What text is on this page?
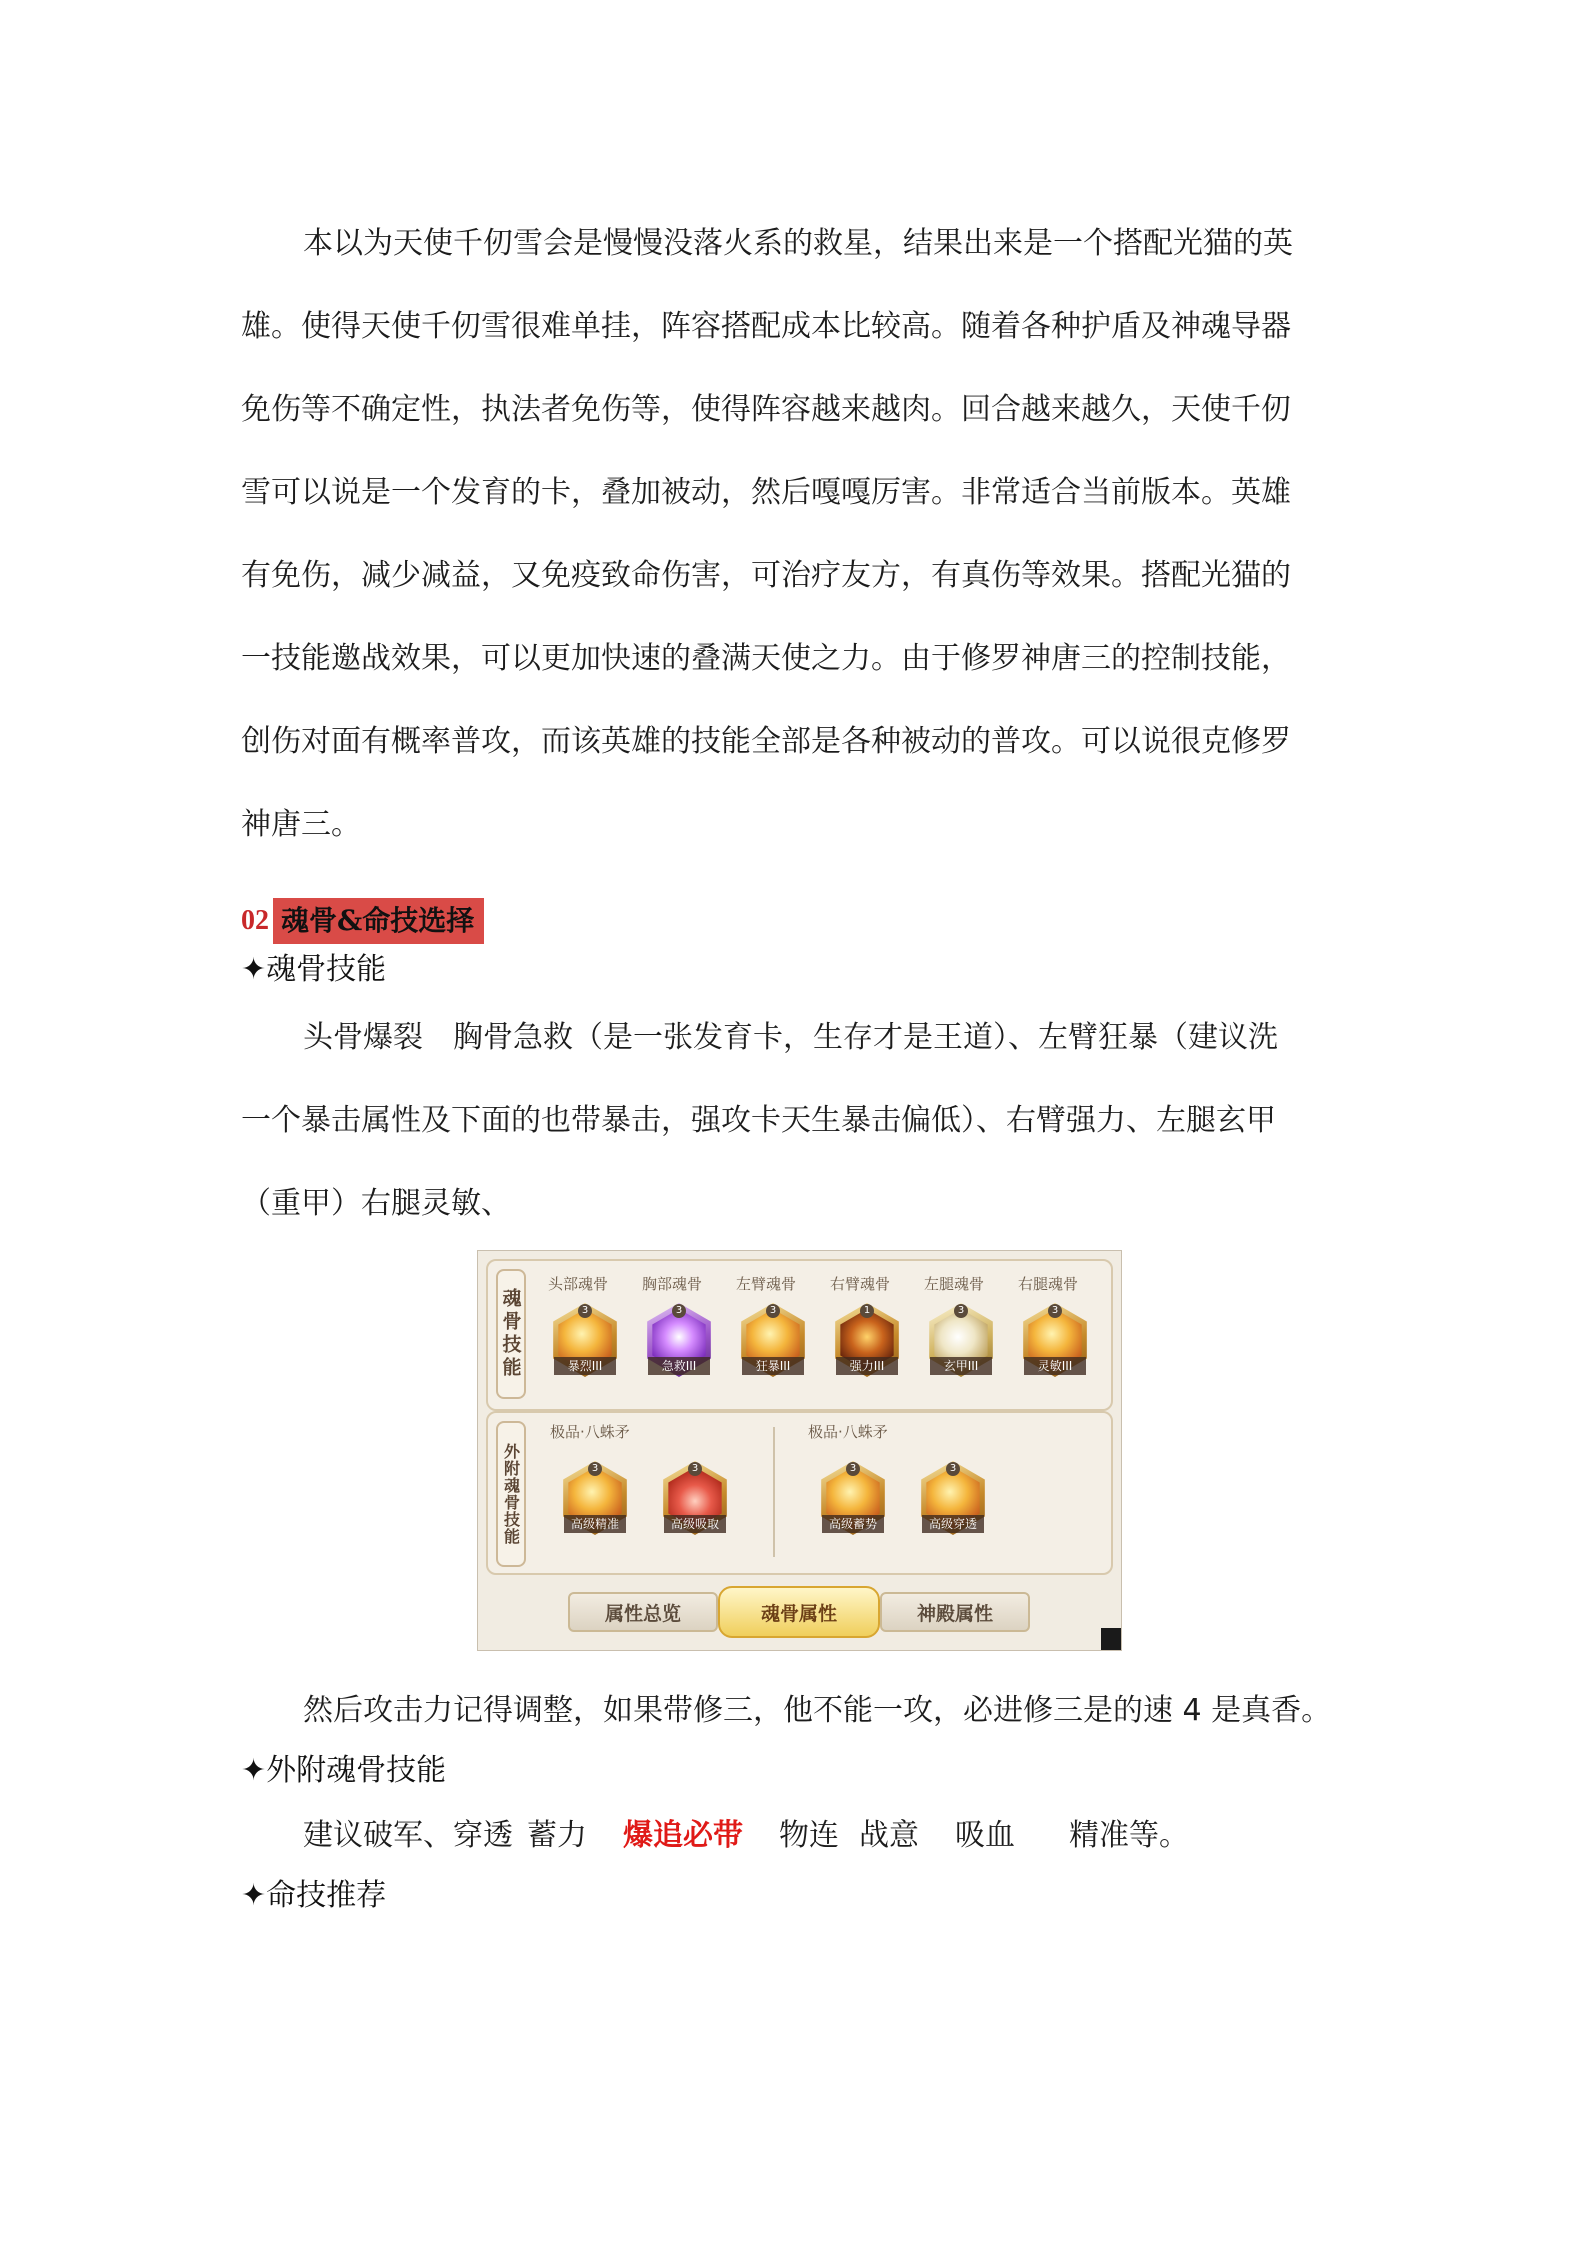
本以为天使千仞雪会是慢慢没落火系的救星，结果出来是一个搭配光猫的英
雄。使得天使千仞雪很难单挂，阵容搭配成本比较高。随着各种护盾及神魂导器
免伤等不确定性，执法者免伤等，使得阵容越来越肉。回合越来越久，天使千仞
雪可以说是一个发育的卡，叠加被动，然后嘎嘎厉害。非常适合当前版本。英雄
有免伤，减少减益，又免疫致命伤害，可治疗友方，有真伤等效果。搭配光猫的
一技能邀战效果，可以更加快速的叠满天使之力。由于修罗神唐三的控制技能，
创伤对面有概率普攻，而该英雄的技能全部是各种被动的普攻。可以说很克修罗
神唐三。
02 魂骨&命技选择
✦魂骨技能
头骨爆裂　胸骨急救（是一张发育卡，生存才是王道）、左臂狂暴（建议洗
一个暴击属性及下面的也带暴击，强攻卡天生暴击偏低）、右臂强力、左腿玄甲
（重甲）右腿灵敏、
魂骨技能
头部魂骨 胸部魂骨 左臂魂骨 右臂魂骨 左腿魂骨 右腿魂骨
3
暴烈III
3
急救III
3
狂暴III
1
强力III
3
玄甲III
3
灵敏III
外附魂骨技能
极品·八蛛矛	极品·八蛛矛
3
高级精准
3
高级吸取
3
高级蓄势
3
高级穿透
属性总览	魂骨属性	神殿属性
然后攻击力记得调整，如果带修三，他不能一攻，必进修三是的速 4 是真香。
✦外附魂骨技能
建议破军、穿透 蓄力 爆追必带 物连 战意 吸血 精准等。
✦命技推荐
